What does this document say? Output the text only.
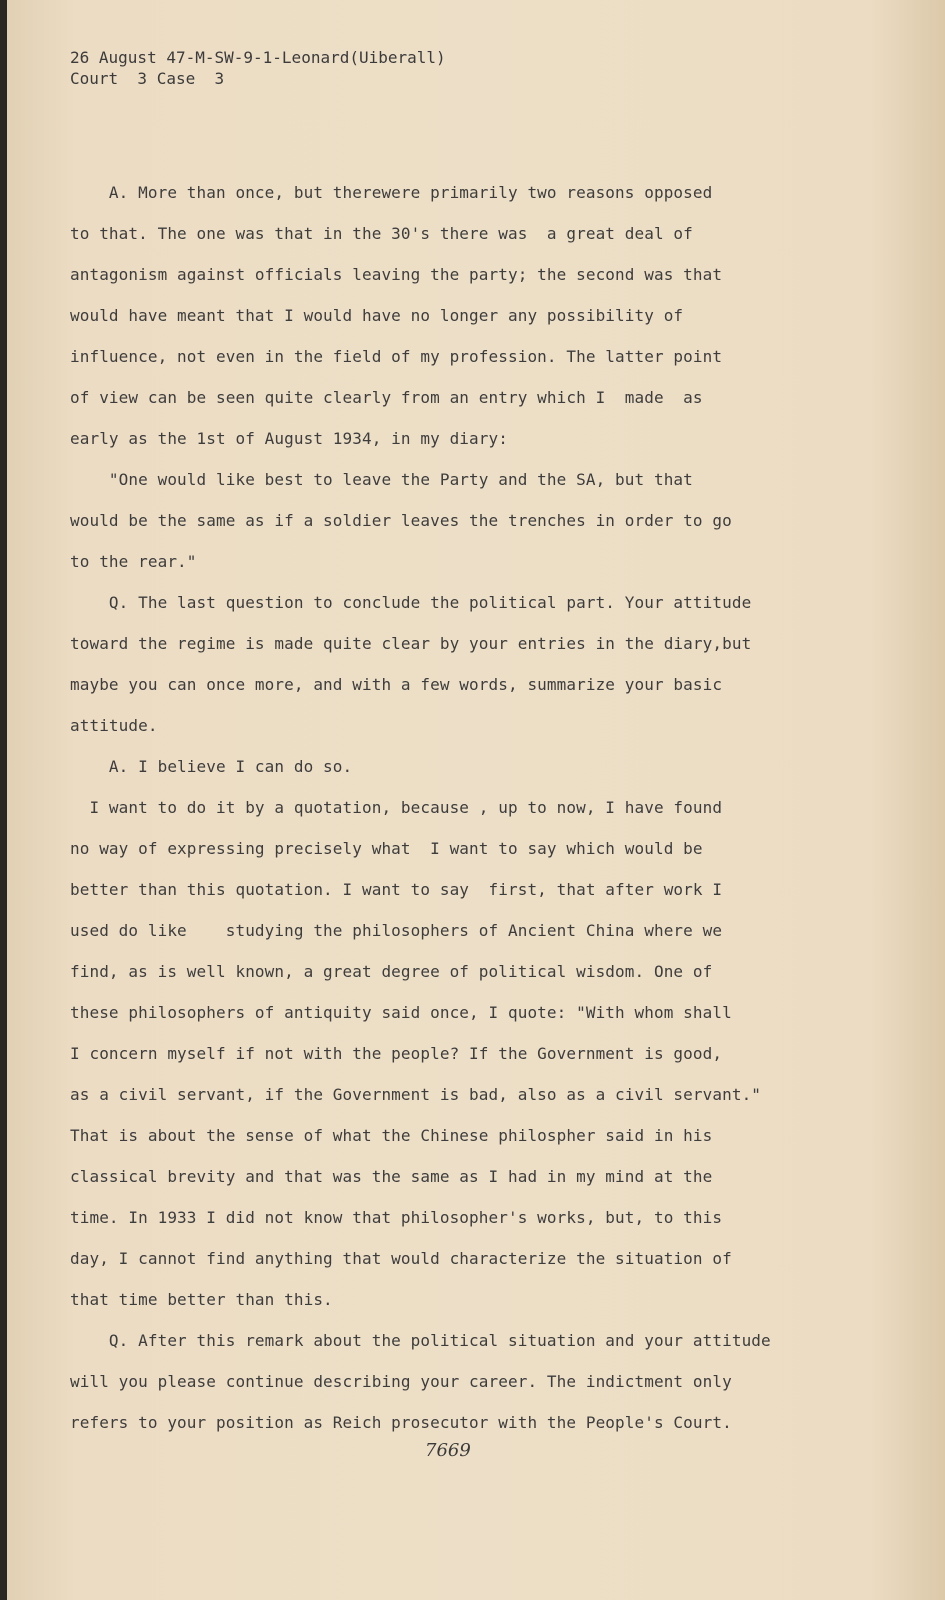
26 August 47-M-SW-9-1-Leonard(Uiberall)
Court  3 Case  3
A. More than once, but therewere primarily two reasons opposed
to that. The one was that in the 30's there was  a great deal of
antagonism against officials leaving the party; the second was that
would have meant that I would have no longer any possibility of
influence, not even in the field of my profession. The latter point
of view can be seen quite clearly from an entry which I  made  as
early as the 1st of August 1934, in my diary:
"One would like best to leave the Party and the SA, but that
would be the same as if a soldier leaves the trenches in order to go
to the rear."
Q. The last question to conclude the political part. Your attitude
toward the regime is made quite clear by your entries in the diary,but
maybe you can once more, and with a few words, summarize your basic
attitude.
A. I believe I can do so.
I want to do it by a quotation, because , up to now, I have found
no way of expressing precisely what  I want to say which would be
better than this quotation. I want to say  first, that after work I
used do like    studying the philosophers of Ancient China where we
find, as is well known, a great degree of political wisdom. One of
these philosophers of antiquity said once, I quote: "With whom shall
I concern myself if not with the people? If the Government is good,
as a civil servant, if the Government is bad, also as a civil servant."
That is about the sense of what the Chinese philospher said in his
classical brevity and that was the same as I had in my mind at the
time. In 1933 I did not know that philosopher's works, but, to this
day, I cannot find anything that would characterize the situation of
that time better than this.
Q. After this remark about the political situation and your attitude
will you please continue describing your career. The indictment only
refers to your position as Reich prosecutor with the People's Court.
7669
